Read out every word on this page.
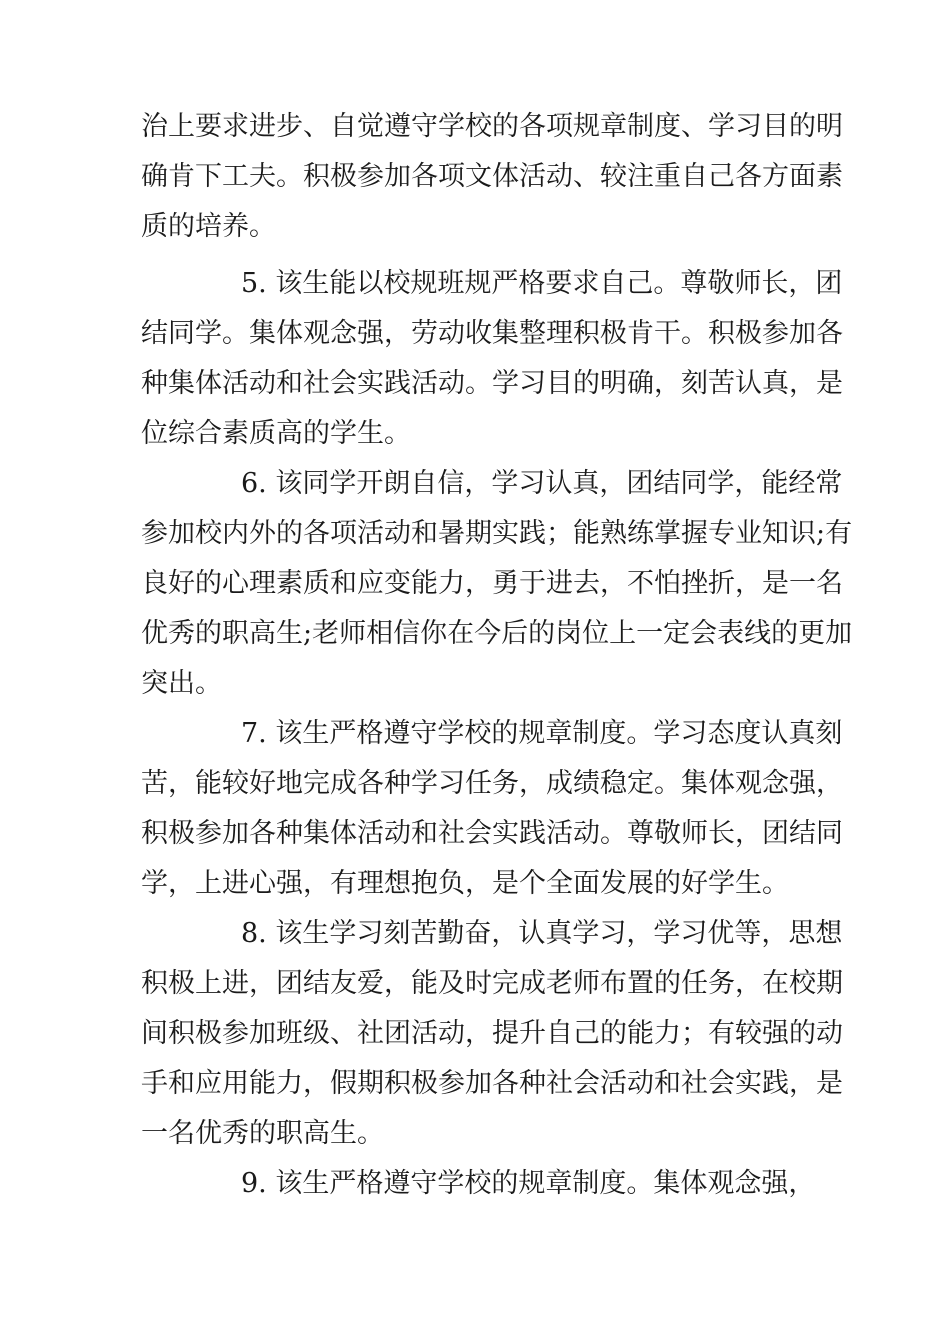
治上要求进步、自觉遵守学校的各项规章制度、学习目的明
确肯下工夫。积极参加各项文体活动、较注重自己各方面素
质的培养。
5. 该生能以校规班规严格要求自己。尊敬师长，团
结同学。集体观念强，劳动收集整理积极肯干。积极参加各
种集体活动和社会实践活动。学习目的明确，刻苦认真，是
位综合素质高的学生。
6. 该同学开朗自信，学习认真，团结同学，能经常
参加校内外的各项活动和暑期实践；能熟练掌握专业知识;有
良好的心理素质和应变能力，勇于进去，不怕挫折，是一名
优秀的职高生;老师相信你在今后的岗位上一定会表线的更加
突出。
7. 该生严格遵守学校的规章制度。学习态度认真刻
苦，能较好地完成各种学习任务，成绩稳定。集体观念强，
积极参加各种集体活动和社会实践活动。尊敬师长，团结同
学，上进心强，有理想抱负，是个全面发展的好学生。
8. 该生学习刻苦勤奋，认真学习，学习优等，思想
积极上进，团结友爱，能及时完成老师布置的任务，在校期
间积极参加班级、社团活动，提升自己的能力；有较强的动
手和应用能力，假期积极参加各种社会活动和社会实践，是
一名优秀的职高生。
9. 该生严格遵守学校的规章制度。集体观念强，
